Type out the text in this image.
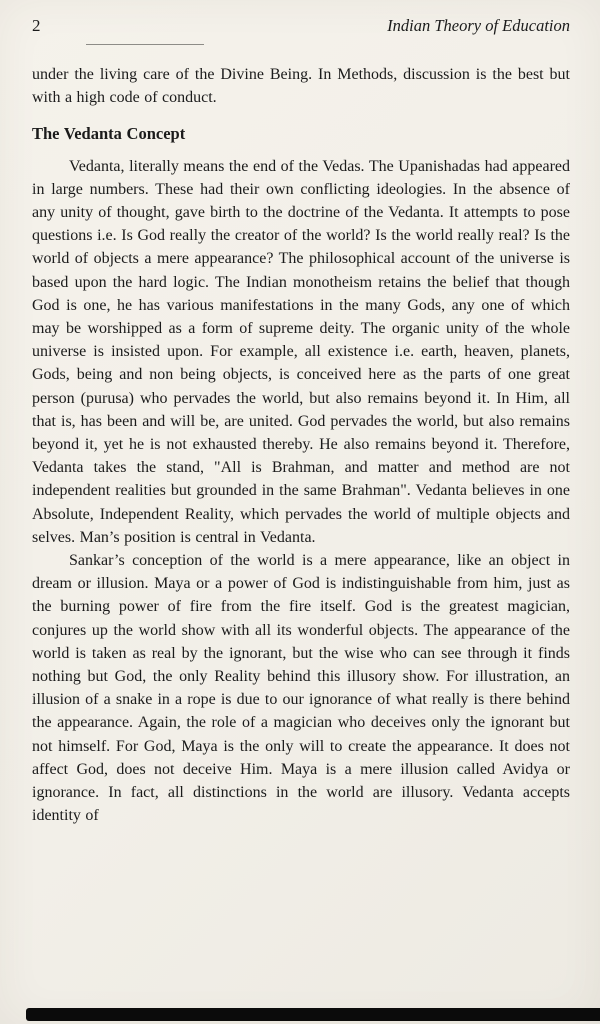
2	Indian Theory of Education

under the living care of the Divine Being. In Methods, discussion is the best but with a high code of conduct.

The Vedanta Concept

Vedanta, literally means the end of the Vedas. The Upanishadas had appeared in large numbers. These had their own conflicting ideologies. In the absence of any unity of thought, gave birth to the doctrine of the Vedanta. It attempts to pose questions i.e. Is God really the creator of the world? Is the world really real? Is the world of objects a mere appearance? The philosophical account of the universe is based upon the hard logic. The Indian monotheism retains the belief that though God is one, he has various manifestations in the many Gods, any one of which may be worshipped as a form of supreme deity. The organic unity of the whole universe is insisted upon. For example, all existence i.e. earth, heaven, planets, Gods, being and non being objects, is conceived here as the parts of one great person (purusa) who pervades the world, but also remains beyond it. In Him, all that is, has been and will be, are united. God pervades the world, but also remains beyond it, yet he is not exhausted thereby. He also remains beyond it. Therefore, Vedanta takes the stand, "All is Brahman, and matter and method are not independent realities but grounded in the same Brahman". Vedanta believes in one Absolute, Independent Reality, which pervades the world of multiple objects and selves. Man’s position is central in Vedanta.

Sankar’s conception of the world is a mere appearance, like an object in dream or illusion. Maya or a power of God is indistinguishable from him, just as the burning power of fire from the fire itself. God is the greatest magician, conjures up the world show with all its wonderful objects. The appearance of the world is taken as real by the ignorant, but the wise who can see through it finds nothing but God, the only Reality behind this illusory show. For illustration, an illusion of a snake in a rope is due to our ignorance of what really is there behind the appearance. Again, the role of a magician who deceives only the ignorant but not himself. For God, Maya is the only will to create the appearance. It does not affect God, does not deceive Him. Maya is a mere illusion called Avidya or ignorance. In fact, all distinctions in the world are illusory. Vedanta accepts identity of
